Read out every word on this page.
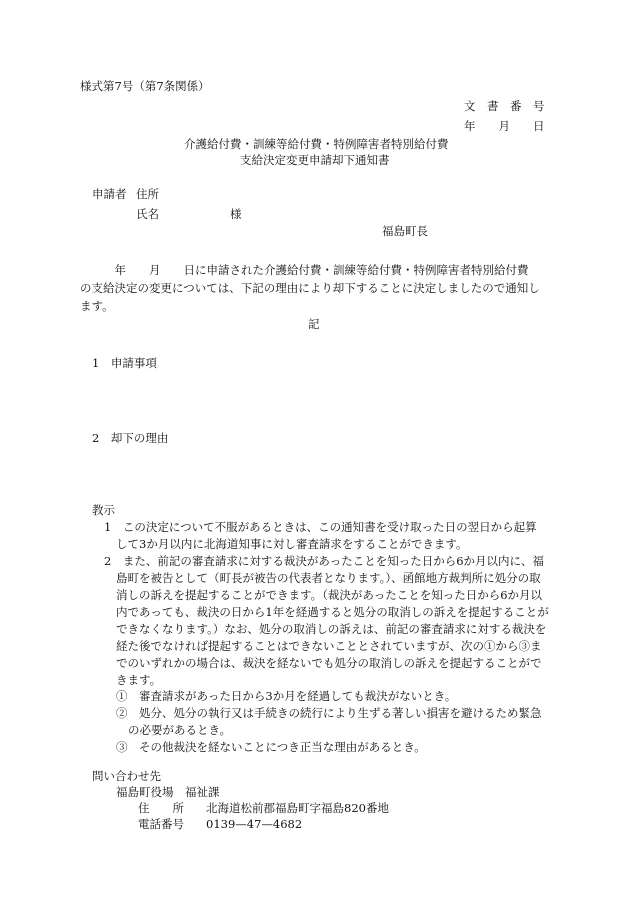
様式第7号（第7条関係）
文　書　番　号
年　　月　　日
介護給付費・訓練等給付費・特例障害者特別給付費
支給決定変更申請却下通知書
申請者 住所
氏名	様
福島町長
　　　年　　月　　日に申請された介護給付費・訓練等給付費・特例障害者特別給付費
の支給決定の変更については、下記の理由により却下することに決定しましたので通知し
ます。
記
1　申請事項
2　却下の理由
教示
1　この決定について不服があるときは、この通知書を受け取った日の翌日から起算
して3か月以内に北海道知事に対し審査請求をすることができます。
2　また、前記の審査請求に対する裁決があったことを知った日から6か月以内に、福
島町を被告として（町長が被告の代表者となります。）、函館地方裁判所に処分の取
消しの訴えを提起することができます。（裁決があったことを知った日から6か月以
内であっても、裁決の日から1年を経過すると処分の取消しの訴えを提起することが
できなくなります。）なお、処分の取消しの訴えは、前記の審査請求に対する裁決を
経た後でなければ提起することはできないこととされていますが、次の①から③ま
でのいずれかの場合は、裁決を経ないでも処分の取消しの訴えを提起することがで
きます。
①　審査請求があった日から3か月を経過しても裁決がないとき。
②　処分、処分の執行又は手続きの続行により生ずる著しい損害を避けるため緊急
の必要があるとき。
③　その他裁決を経ないことにつき正当な理由があるとき。
問い合わせ先
福島町役場　福祉課
住　　所 北海道松前郡福島町字福島820番地
電話番号 0139—47—4682
